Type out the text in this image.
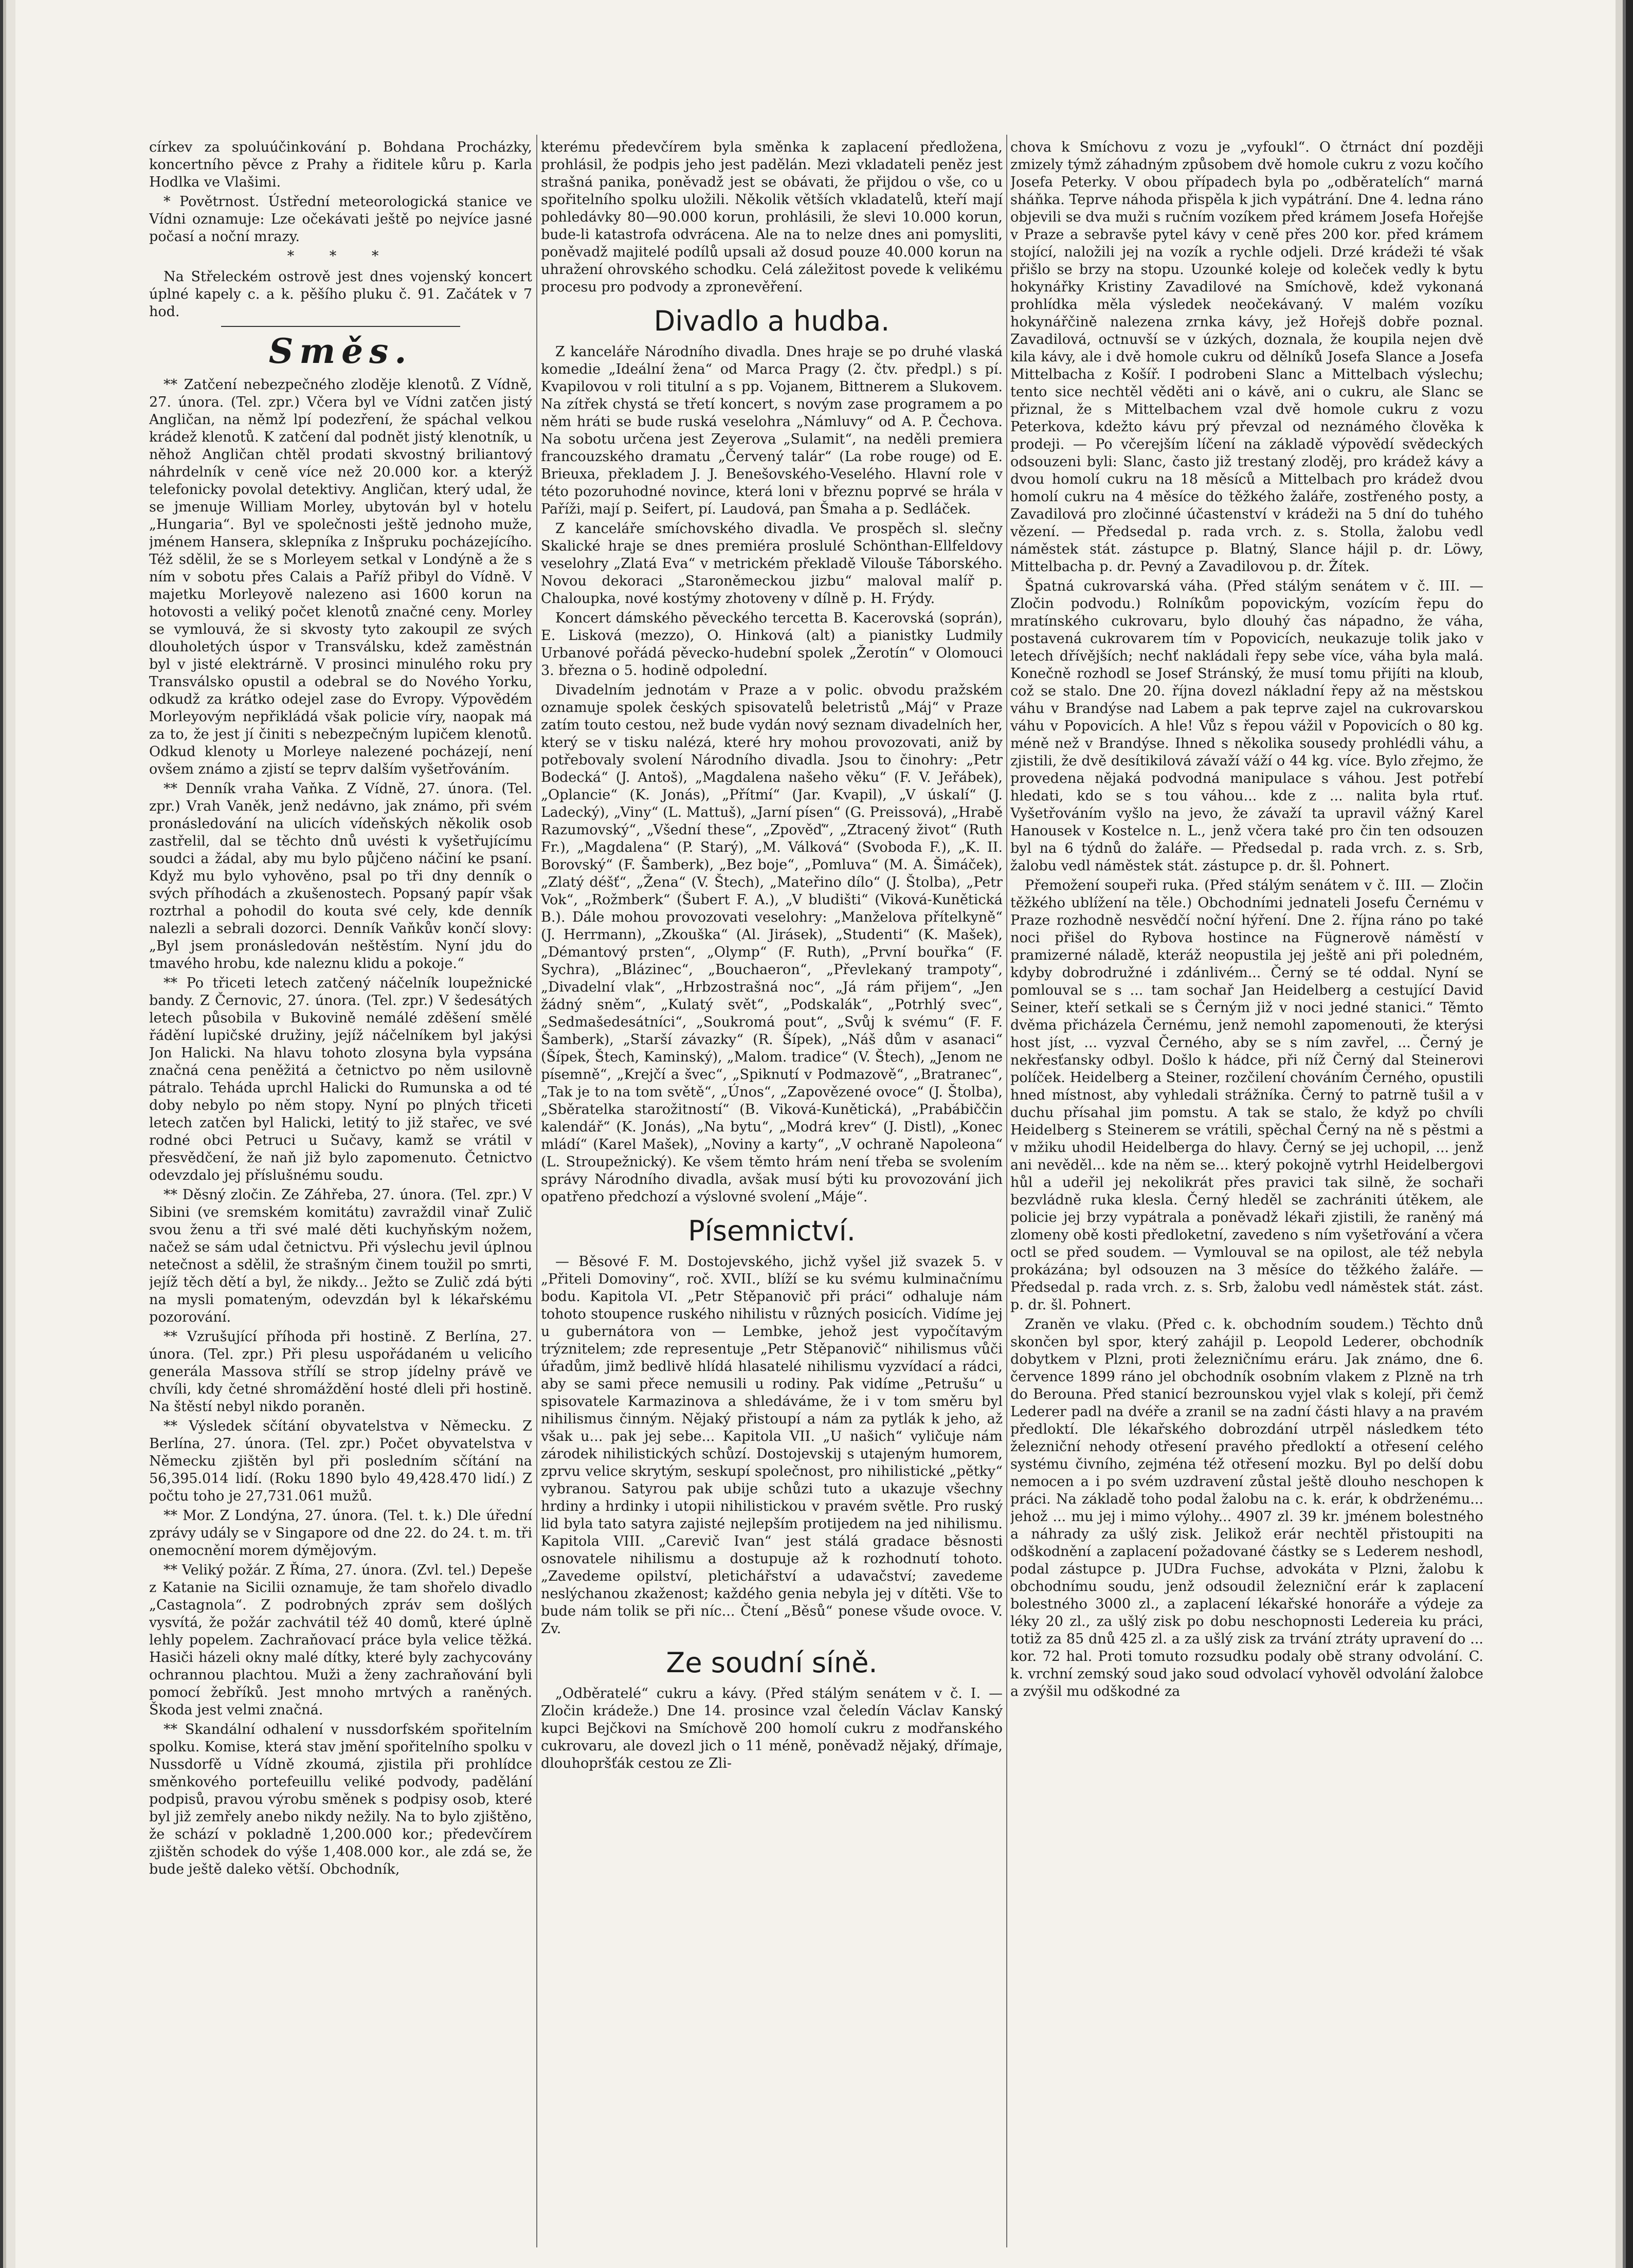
církev za spoluúčinkování p. Bohdana Procházky, koncertního pěvce z Prahy a řiditele kůru p. Karla Hodlka ve Vlašimi.

* Povětrnost. Ústřední meteorologická stanice ve Vídni oznamuje: Lze očekávati ještě po nejvíce jasné počasí a noční mrazy.

* * *

Na Střeleckém ostrově jest dnes vojenský koncert úplné kapely c. a k. pěšího pluku č. 91. Začátek v 7 hod.

Směs.

** Zatčení nebezpečného zloděje klenotů. Z Vídně, 27. února. (Tel. zpr.) Včera byl ve Vídni zatčen jistý Angličan, na němž lpí podezření, že spáchal velkou krádež klenotů. K zatčení dal podnět jistý klenotník, u něhož Angličan chtěl prodati skvostný briliantový náhrdelník v ceně více než 20.000 kor. a kterýž telefonicky povolal detektivy. Angličan, který udal, že se jmenuje William Morley, ubytován byl v hotelu „Hungaria“. Byl ve společnosti ještě jednoho muže, jménem Hansera, sklepníka z Inšpruku pocházejícího. Též sdělil, že se s Morleyem setkal v Londýně a že s ním v sobotu přes Calais a Paříž přibyl do Vídně. V majetku Morleyově nalezeno asi 1600 korun na hotovosti a veliký počet klenotů značné ceny. Morley se vymlouvá, že si skvosty tyto zakoupil ze svých dlouholetých úspor v Transválsku, kdež zaměstnán byl v jisté elektrárně. V prosinci minulého roku pry Transválsko opustil a odebral se do Nového Yorku, odkudž za krátko odejel zase do Evropy. Výpovědém Morleyovým nepřikládá však policie víry, naopak má za to, že jest jí činiti s nebezpečným lupičem klenotů. Odkud klenoty u Morleye nalezené pocházejí, není ovšem známo a zjistí se teprv dalším vyšetřováním.

** Denník vraha Vaňka. Z Vídně, 27. února. (Tel. zpr.) Vrah Vaněk, jenž nedávno, jak známo, při svém pronásledování na ulicích vídeňských několik osob zastřelil, dal se těchto dnů uvésti k vyšetřujícímu soudci a žádal, aby mu bylo půjčeno náčiní ke psaní. Když mu bylo vyhověno, psal po tři dny denník o svých příhodách a zkušenostech. Popsaný papír však roztrhal a pohodil do kouta své cely, kde denník nalezli a sebrali dozorci. Denník Vaňkův končí slovy: „Byl jsem pronásledován neštěstím. Nyní jdu do tmavého hrobu, kde naleznu klidu a pokoje.“

** Po třiceti letech zatčený náčelník loupežnické bandy. Z Černovic, 27. února. (Tel. zpr.) V šedesátých letech působila v Bukovině nemálé zděšení smělé řádění lupičské družiny, jejíž náčelníkem byl jakýsi Jon Halicki. Na hlavu tohoto zlosyna byla vypsána značná cena peněžitá a četnictvo po něm usilovně pátralo. Teháda uprchl Halicki do Rumunska a od té doby nebylo po něm stopy. Nyní po plných třiceti letech zatčen byl Halicki, letitý to již stařec, ve své rodné obci Petruci u Sučavy, kamž se vrátil v přesvědčení, že naň již bylo zapomenuto. Četnictvo odevzdalo jej příslušnému soudu.

** Děsný zločin. Ze Záhřeba, 27. února. (Tel. zpr.) V Sibini (ve sremském komitátu) zavraždil vinař Zulič svou ženu a tři své malé děti kuchyňským nožem, načež se sám udal četnictvu. Při výslechu jevil úplnou netečnost a sdělil, že strašným činem toužil po smrti, jejíž těch dětí a byl, že nikdy... Ježto se Zulič zdá býti na mysli pomateným, odevzdán byl k lékařskému pozorování.

** Vzrušující příhoda při hostině. Z Berlína, 27. února. (Tel. zpr.) Při plesu uspořádaném u velicího generála Massova střílí se strop jídelny právě ve chvíli, kdy četné shromáždění hosté dleli při hostině. Na štěstí nebyl nikdo poraněn.

** Výsledek sčítání obyvatelstva v Německu. Z Berlína, 27. února. (Tel. zpr.) Počet obyvatelstva v Německu zjištěn byl při posledním sčítání na 56,395.014 lidí. (Roku 1890 bylo 49,428.470 lidí.) Z počtu toho je 27,731.061 mužů.

** Mor. Z Londýna, 27. února. (Tel. t. k.) Dle úřední zprávy udály se v Singapore od dne 22. do 24. t. m. tři onemocnění morem dýmějovým.

** Veliký požár. Z Říma, 27. února. (Zvl. tel.) Depeše z Katanie na Sicilii oznamuje, že tam shořelo divadlo „Castagnola“. Z podrobných zpráv sem došlých vysvítá, že požár zachvátil též 40 domů, které úplně lehly popelem. Zachraňovací práce byla velice těžká. Hasiči házeli okny malé dítky, které byly zachycovány ochrannou plachtou. Muži a ženy zachraňování byli pomocí žebříků. Jest mnoho mrtvých a raněných. Škoda jest velmi značná.

** Skandální odhalení v nussdorfském spořitelním spolku. Komise, která stav jmění spořitelního spolku v Nussdorfě u Vídně zkoumá, zjistila při prohlídce směnkového portefeuillu veliké podvody, padělání podpisů, pravou výrobu směnek s podpisy osob, které byl již zemřely anebo nikdy nežily. Na to bylo zjištěno, že schází v pokladně 1,200.000 kor.; předevčírem zjištěn schodek do výše 1,408.000 kor., ale zdá se, že bude ještě daleko větší. Obchodník,

kterému předevčírem byla směnka k zaplacení předložena, prohlásil, že podpis jeho jest padělán. Mezi vkladateli peněz jest strašná panika, poněvadž jest se obávati, že přijdou o vše, co u spořitelního spolku uložili. Několik větších vkladatelů, kteří mají pohledávky 80—90.000 korun, prohlásili, že slevi 10.000 korun, bude-li katastrofa odvrácena. Ale na to nelze dnes ani pomysliti, poněvadž majitelé podílů upsali až dosud pouze 40.000 korun na uhražení ohrovského schodku. Celá záležitost povede k velikému procesu pro podvody a zpronevěření.

Divadlo a hudba.

Z kanceláře Národního divadla. Dnes hraje se po druhé vlaská komedie „Ideální žena“ od Marca Pragy (2. čtv. předpl.) s pí. Kvapilovou v roli titulní a s pp. Vojanem, Bittnerem a Slukovem. Na zítřek chystá se třetí koncert, s novým zase programem a po něm hráti se bude ruská veselohra „Námluvy“ od A. P. Čechova. Na sobotu určena jest Zeyerova „Sulamit“, na neděli premiera francouzského dramatu „Červený talár“ (La robe rouge) od E. Brieuxa, překladem J. J. Benešovského-Veselého. Hlavní role v této pozoruhodné novince, která loni v březnu poprvé se hrála v Paříži, mají p. Seifert, pí. Laudová, pan Šmaha a p. Sedláček.

Z kanceláře smíchovského divadla. Ve prospěch sl. slečny Skalické hraje se dnes premiéra proslulé Schönthan-Ellfeldovy veselohry „Zlatá Eva“ v metrickém překladě Vilouše Táborského. Novou dekoraci „Staroněmeckou jizbu“ maloval malíř p. Chaloupka, nové kostýmy zhotoveny v dílně p. H. Frýdy.

Koncert dámského pěveckého tercetta B. Kacerovská (soprán), E. Lisková (mezzo), O. Hinková (alt) a pianistky Ludmily Urbanové pořádá pěvecko-hudební spolek „Žerotín“ v Olomouci 3. března o 5. hodině odpolední.

Divadelním jednotám v Praze a v polic. obvodu pražském oznamuje spolek českých spisovatelů beletristů „Máj“ v Praze zatím touto cestou, než bude vydán nový seznam divadelních her, který se v tisku nalézá, které hry mohou provozovati, aniž by potřebovaly svolení Národního divadla. Jsou to činohry: „Petr Bodecká“ (J. Antoš), „Magdalena našeho věku“ (F. V. Jeřábek), „Oplancie“ (K. Jonás), „Přítmí“ (Jar. Kvapil), „V úskalí“ (J. Ladecký), „Viny“ (L. Mattuš), „Jarní písen“ (G. Preissová), „Hrabě Razumovský“, „Všední these“, „Zpověď“, „Ztracený život“ (Ruth Fr.), „Magdalena“ (P. Starý), „M. Válková“ (Svoboda F.), „K. II. Borovský“ (F. Šamberk), „Bez boje“, „Pomluva“ (M. A. Šimáček), „Zlatý déšť“, „Žena“ (V. Štech), „Mateřino dílo“ (J. Štolba), „Petr Vok“, „Rožmberk“ (Šubert F. A.), „V bludišti“ (Viková-Kunětická B.). Dále mohou provozovati veselohry: „Manželova přítelkyně“ (J. Herrmann), „Zkouška“ (Al. Jirásek), „Studenti“ (K. Mašek), „Démantový prsten“, „Olymp“ (F. Ruth), „První bouřka“ (F. Sychra), „Blázinec“, „Bouchaeron“, „Převlekaný trampoty“, „Divadelní vlak“, „Hrbzostrašná noc“, „Já rám přijem“, „Jen žádný sněm“, „Kulatý svět“, „Podskalák“, „Potrhlý svec“, „Sedmašedesátníci“, „Soukromá pout“, „Svůj k svému“ (F. F. Šamberk), „Starší závazky“ (R. Šípek), „Náš dům v asanaci“ (Šípek, Štech, Kaminský), „Malom. tradice“ (V. Štech), „Jenom ne písemně“, „Krejčí a švec“, „Spiknutí v Podmazově“, „Bratranec“, „Tak je to na tom světě“, „Únos“, „Zapovězené ovoce“ (J. Štolba), „Sběratelka starožitností“ (B. Viková-Kunětická), „Prabábiččin kalendář“ (K. Jonás), „Na bytu“, „Modrá krev“ (J. Distl), „Konec mládí“ (Karel Mašek), „Noviny a karty“, „V ochraně Napoleona“ (L. Stroupežnický). Ke všem těmto hrám není třeba se svolením správy Národního divadla, avšak musí býti ku provozování jich opatřeno předchozí a výslovné svolení „Máje“.

Písemnictví.

— Běsové F. M. Dostojevského, jichž vyšel již svazek 5. v „Přiteli Domoviny“, roč. XVII., blíží se ku svému kulminačnímu bodu. Kapitola VI. „Petr Stěpanovič při práci“ odhaluje nám tohoto stoupence ruského nihilistu v různých posicích. Vidíme jej u gubernátora von — Lembke, jehož jest vypočítavým trýznitelem; zde representuje „Petr Stěpanovič“ nihilismus vůči úřadům, jimž bedlivě hlídá hlasatelé nihilismu vyzvídací a rádci, aby se sami přece nemusili u rodiny. Pak vidíme „Petrušu“ u spisovatele Karmazinova a shledáváme, že i v tom směru byl nihilismus činným. Nějaký přistoupí a nám za pytlák k jeho, až však u... pak jej sebe... Kapitola VII. „U našich“ vyličuje nám zárodek nihilistických schůzí. Dostojevskij s utajeným humorem, zprvu velice skrytým, seskupí společnost, pro nihilistické „pětky“ vybranou. Satyrou pak ubije schůzi tuto a ukazuje všechny hrdiny a hrdinky i utopii nihilistickou v pravém světle. Pro ruský lid byla tato satyra zajisté nejlepším protijedem na jed nihilismu. Kapitola VIII. „Carevič Ivan“ jest stálá gradace běsnosti osnovatele nihilismu a dostupuje až k rozhodnutí tohoto. „Zavedeme opilství, pletichářství a udavačství; zavedeme neslýchanou zkaženost; každého genia nebyla jej v dítěti. Vše to bude nám tolik se při níc... Čtení „Běsů“ ponese všude ovoce. V. Zv.

Ze soudní síně.

„Odběratelé“ cukru a kávy. (Před stálým senátem v č. I. — Zločin krádeže.) Dne 14. prosince vzal čeledín Václav Kanský kupci Bejčkovi na Smíchově 200 homolí cukru z modřanského cukrovaru, ale dovezl jich o 11 méně, poněvadž nějaký, dřímaje, dlouhopršťák cestou ze Zli-

chova k Smíchovu z vozu je „vyfoukl“. O čtrnáct dní později zmizely týmž záhadným způsobem dvě homole cukru z vozu kočího Josefa Peterky. V obou případech byla po „odběratelích“ marná sháňka. Teprve náhoda přispěla k jich vypátrání. Dne 4. ledna ráno objevili se dva muži s ručním vozíkem před krámem Josefa Hořejše v Praze a sebravše pytel kávy v ceně přes 200 kor. před krámem stojící, naložili jej na vozík a rychle odjeli. Drzé krádeži té však přišlo se brzy na stopu. Uzounké koleje od koleček vedly k bytu hokynářky Kristiny Zavadilové na Smíchově, kdež vykonaná prohlídka měla výsledek neočekávaný. V malém vozíku hokynářčině nalezena zrnka kávy, jež Hořejš dobře poznal. Zavadilová, octnuvší se v úzkých, doznala, že koupila nejen dvě kila kávy, ale i dvě homole cukru od dělníků Josefa Slance a Josefa Mittelbacha z Košíř. I podrobeni Slanc a Mittelbach výslechu; tento sice nechtěl věděti ani o kávě, ani o cukru, ale Slanc se přiznal, že s Mittelbachem vzal dvě homole cukru z vozu Peterkova, kdežto kávu prý převzal od neznámého člověka k prodeji. — Po včerejším líčení na základě výpovědí svědeckých odsouzeni byli: Slanc, často již trestaný zloděj, pro krádež kávy a dvou homolí cukru na 18 měsíců a Mittelbach pro krádež dvou homolí cukru na 4 měsíce do těžkého žaláře, zostřeného posty, a Zavadilová pro zločinné účastenství v krádeži na 5 dní do tuhého vězení. — Předsedal p. rada vrch. z. s. Stolla, žalobu vedl náměstek stát. zástupce p. Blatný, Slance hájil p. dr. Löwy, Mittelbacha p. dr. Pevný a Zavadilovou p. dr. Žítek.

Špatná cukrovarská váha. (Před stálým senátem v č. III. — Zločin podvodu.) Rolníkům popovickým, vozícím řepu do mratínského cukrovaru, bylo dlouhý čas nápadno, že váha, postavená cukrovarem tím v Popovicích, neukazuje tolik jako v letech dřívějších; nechť nakládali řepy sebe více, váha byla malá. Konečně rozhodl se Josef Stránský, že musí tomu přijíti na kloub, což se stalo. Dne 20. října dovezl nákladní řepy až na městskou váhu v Brandýse nad Labem a pak teprve zajel na cukrovarskou váhu v Popovicích. A hle! Vůz s řepou vážil v Popovicích o 80 kg. méně než v Brandýse. Ihned s několika sousedy prohlédli váhu, a zjistili, že dvě desítikilová závaží váží o 44 kg. více. Bylo zřejmo, že provedena nějaká podvodná manipulace s váhou. Jest potřebí hledati, kdo se s tou váhou... kde z ... nalita byla rtuť. Vyšetřováním vyšlo na jevo, že závaží ta upravil vážný Karel Hanousek v Kostelce n. L., jenž včera také pro čin ten odsouzen byl na 6 týdnů do žaláře. — Předsedal p. rada vrch. z. s. Srb, žalobu vedl náměstek stát. zástupce p. dr. šl. Pohnert.

Přemožení soupeři ruka. (Před stálým senátem v č. III. — Zločin těžkého ublížení na těle.) Obchodními jednateli Josefu Černému v Praze rozhodně nesvědčí noční hýření. Dne 2. října ráno po také noci přišel do Rybova hostince na Fügnerově náměstí v pramizerné náladě, kteráž neopustila jej ještě ani při poledném, kdyby dobrodružné i zdánlivém... Černý se té oddal. Nyní se pomlouval se s ... tam sochař Jan Heidelberg a cestující David Seiner, kteří setkali se s Černým již v noci jedné stanici.“ Těmto dvěma přicházela Černému, jenž nemohl zapomenouti, že kterýsi host jíst, ... vyzval Černého, aby se s ním zavřel, ... Černý je nekřesťansky odbyl. Došlo k hádce, při níž Černý dal Steinerovi políček. Heidelberg a Steiner, rozčilení chováním Černého, opustili hned místnost, aby vyhledali strážníka. Černý to patrně tušil a v duchu přísahal jim pomstu. A tak se stalo, že když po chvíli Heidelberg s Steinerem se vrátili, spěchal Černý na ně s pěstmi a v mžiku uhodil Heidelberga do hlavy. Černý se jej uchopil, ... jenž ani nevěděl... kde na něm se... který pokojně vytrhl Heidelbergovi hůl a udeřil jej nekolikrát přes pravici tak silně, že sochaři bezvládně ruka klesla. Černý hleděl se zachrániti útěkem, ale policie jej brzy vypátrala a poněvadž lékaři zjistili, že raněný má zlomeny obě kosti předloketní, zavedeno s ním vyšetřování a včera octl se před soudem. — Vymlouval se na opilost, ale též nebyla prokázána; byl odsouzen na 3 měsíce do těžkého žaláře. — Předsedal p. rada vrch. z. s. Srb, žalobu vedl náměstek stát. zást. p. dr. šl. Pohnert.

Zraněn ve vlaku. (Před c. k. obchodním soudem.) Těchto dnů skončen byl spor, který zahájil p. Leopold Lederer, obchodník dobytkem v Plzni, proti železničnímu eráru. Jak známo, dne 6. července 1899 ráno jel obchodník osobním vlakem z Plzně na trh do Berouna. Před stanicí bezrounskou vyjel vlak s kolejí, při čemž Lederer padl na dvéře a zranil se na zadní části hlavy a na pravém předloktí. Dle lékařského dobrozdání utrpěl následkem této železniční nehody otřesení pravého předloktí a otřesení celého systému čivního, zejména též otřesení mozku. Byl po delší dobu nemocen a i po svém uzdravení zůstal ještě dlouho neschopen k práci. Na základě toho podal žalobu na c. k. erár, k obdrženému... jehož ... mu jej i mimo výlohy... 4907 zl. 39 kr. jménem bolestného a náhrady za ušlý zisk. Jelikož erár nechtěl přistoupiti na odškodnění a zaplacení požadované částky se s Lederem neshodl, podal zástupce p. JUDra Fuchse, advokáta v Plzni, žalobu k obchodnímu soudu, jenž odsoudil železniční erár k zaplacení bolestného 3000 zl., a zaplacení lékařské honoráře a výdeje za léky 20 zl., za ušlý zisk po dobu neschopnosti Ledereia ku práci, totiž za 85 dnů 425 zl. a za ušlý zisk za trvání ztráty upravení do ... kor. 72 hal. Proti tomuto rozsudku podaly obě strany odvolání. C. k. vrchní zemský soud jako soud odvolací vyhověl odvolání žalobce a zvýšil mu odškodné za
